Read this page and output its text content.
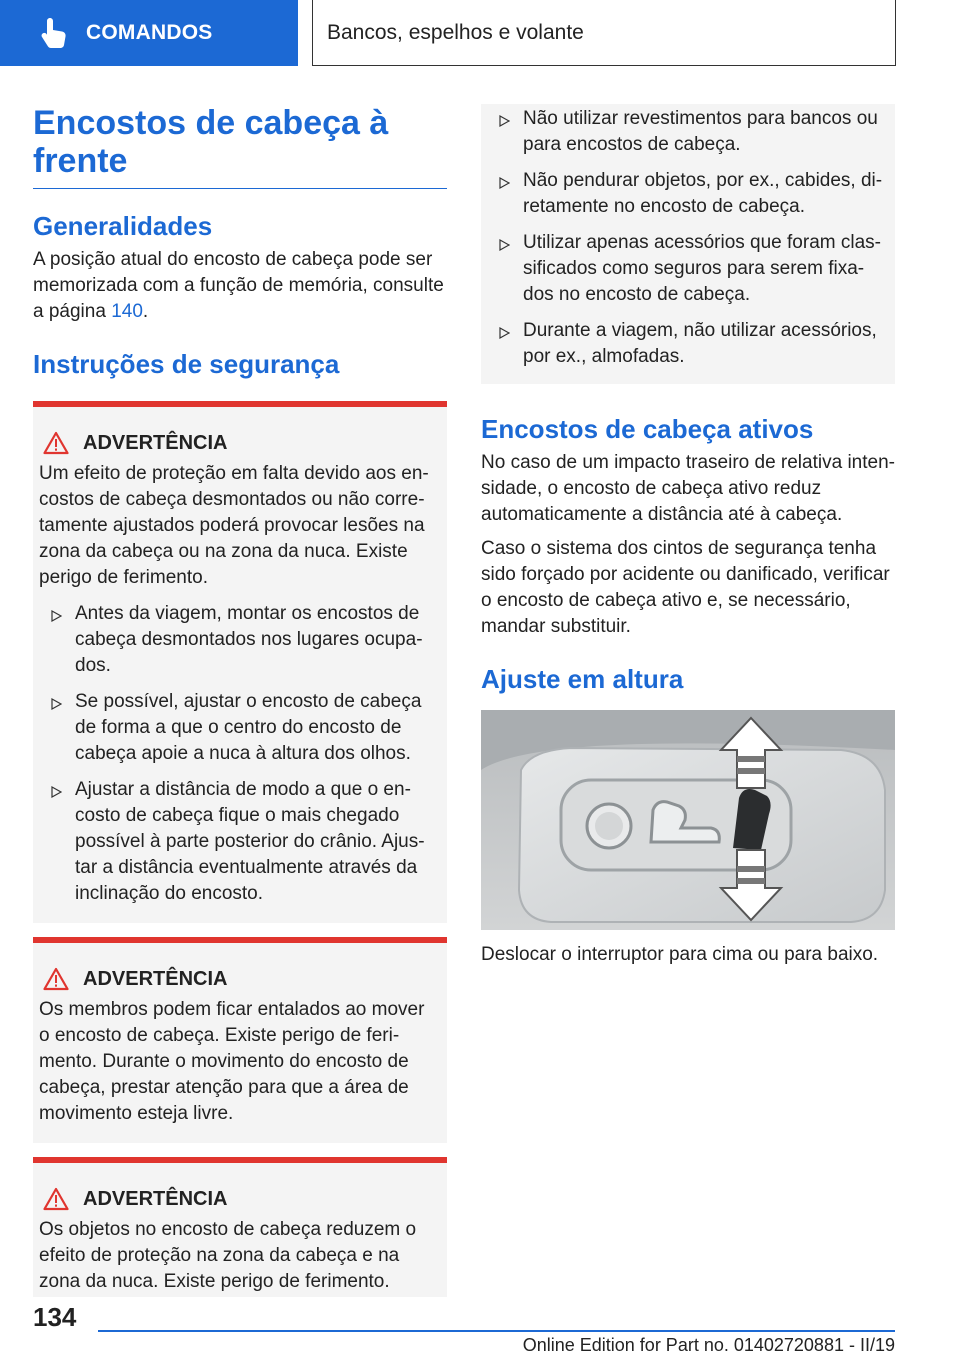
COMANDOS	Bancos, espelhos e volante
Encostos de cabeça à frente
Generalidades

A posição atual do encosto de cabeça pode ser memorizada com a função de memória, consulte a página 140.

Instruções de segurança
ADVERTÊNCIA

Um efeito de proteção em falta devido aos encostos de cabeça desmontados ou não corretamente ajustados poderá provocar lesões na zona da cabeça ou na zona da nuca. Existe perigo de ferimento.

Antes da viagem, montar os encostos de cabeça desmontados nos lugares ocupados.
Se possível, ajustar o encosto de cabeça de forma a que o centro do encosto de cabeça apoie a nuca à altura dos olhos.
Ajustar a distância de modo a que o encosto de cabeça fique o mais chegado possível à parte posterior do crânio. Ajustar a distância eventualmente através da inclinação do encosto.
ADVERTÊNCIA

Os membros podem ficar entalados ao mover o encosto de cabeça. Existe perigo de ferimento. Durante o movimento do encosto de cabeça, prestar atenção para que a área de movimento esteja livre.

ADVERTÊNCIA

Os objetos no encosto de cabeça reduzem o efeito de proteção na zona da cabeça e na zona da nuca. Existe perigo de ferimento.

Não utilizar revestimentos para bancos ou para encostos de cabeça.
Não pendurar objetos, por ex., cabides, diretamente no encosto de cabeça.
Utilizar apenas acessórios que foram classificados como seguros para serem fixados no encosto de cabeça.
Durante a viagem, não utilizar acessórios, por ex., almofadas.
Encostos de cabeça ativos

No caso de um impacto traseiro de relativa intensidade, o encosto de cabeça ativo reduz automaticamente a distância até à cabeça.

Caso o sistema dos cintos de segurança tenha sido forçado por acidente ou danificado, verificar o encosto de cabeça ativo e, se necessário, mandar substituir.

Ajuste em altura

Deslocar o interruptor para cima ou para baixo.

134
Online Edition for Part no. 01402720881 - II/19
